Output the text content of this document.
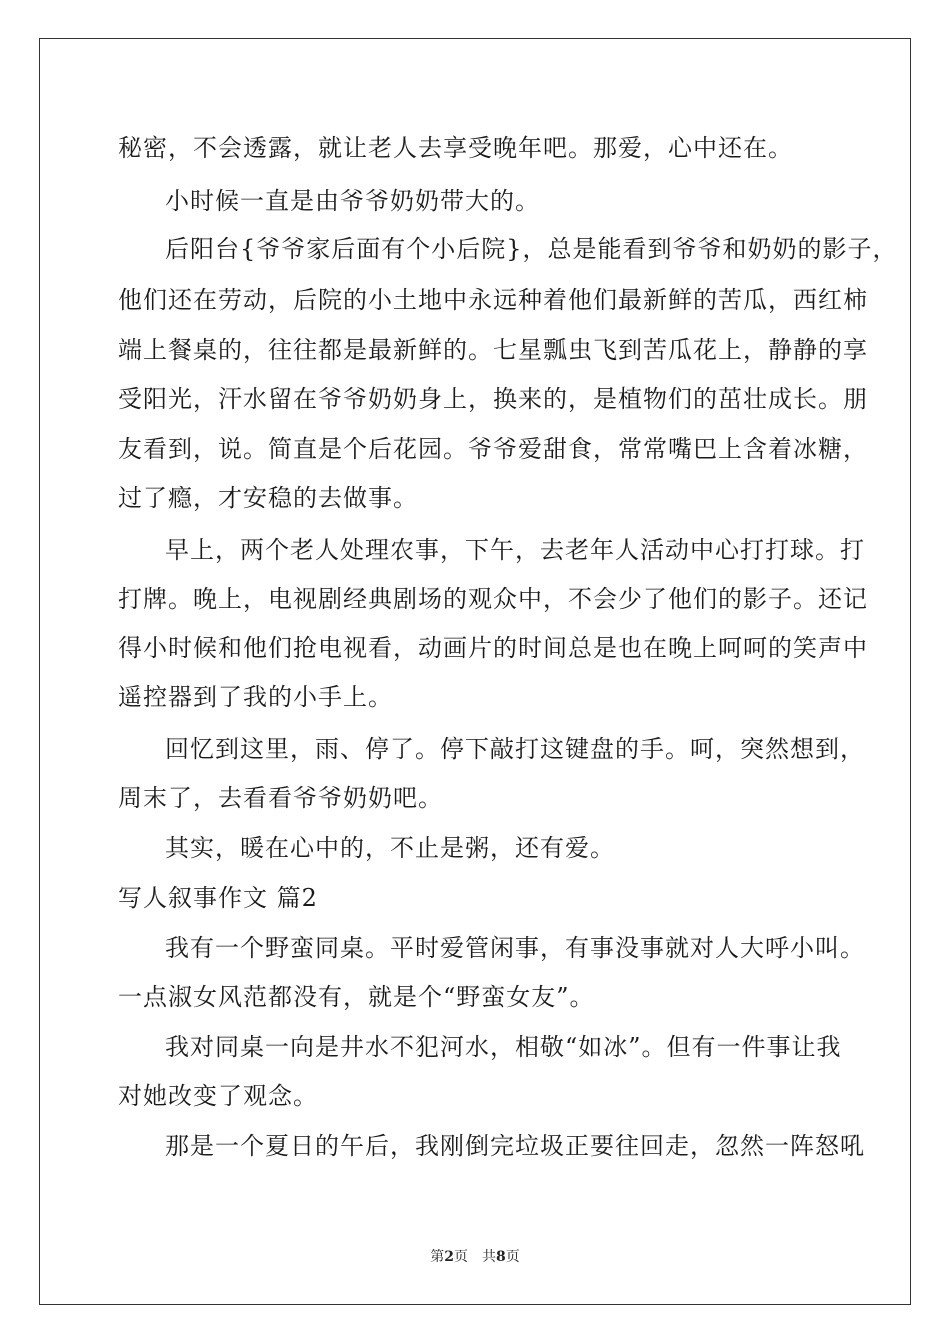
秘密，不会透露，就让老人去享受晚年吧。那爱，心中还在。
小时候一直是由爷爷奶奶带大的。
后阳台{爷爷家后面有个小后院}，总是能看到爷爷和奶奶的影子，
他们还在劳动，后院的小土地中永远种着他们最新鲜的苦瓜，西红柿
端上餐桌的，往往都是最新鲜的。七星瓢虫飞到苦瓜花上，静静的享
受阳光，汗水留在爷爷奶奶身上，换来的，是植物们的茁壮成长。朋
友看到，说。简直是个后花园。爷爷爱甜食，常常嘴巴上含着冰糖，
过了瘾，才安稳的去做事。
早上，两个老人处理农事，下午，去老年人活动中心打打球。打
打牌。晚上，电视剧经典剧场的观众中，不会少了他们的影子。还记
得小时候和他们抢电视看，动画片的时间总是也在晚上呵呵的笑声中
遥控器到了我的小手上。
回忆到这里，雨、停了。停下敲打这键盘的手。呵，突然想到，
周末了，去看看爷爷奶奶吧。
其实，暖在心中的，不止是粥，还有爱。
写人叙事作文 篇2
我有一个野蛮同桌。平时爱管闲事，有事没事就对人大呼小叫。
一点淑女风范都没有，就是个“野蛮女友”。
我对同桌一向是井水不犯河水，相敬“如冰”。但有一件事让我
对她改变了观念。
那是一个夏日的午后，我刚倒完垃圾正要往回走，忽然一阵怒吼
第2页　共8页
